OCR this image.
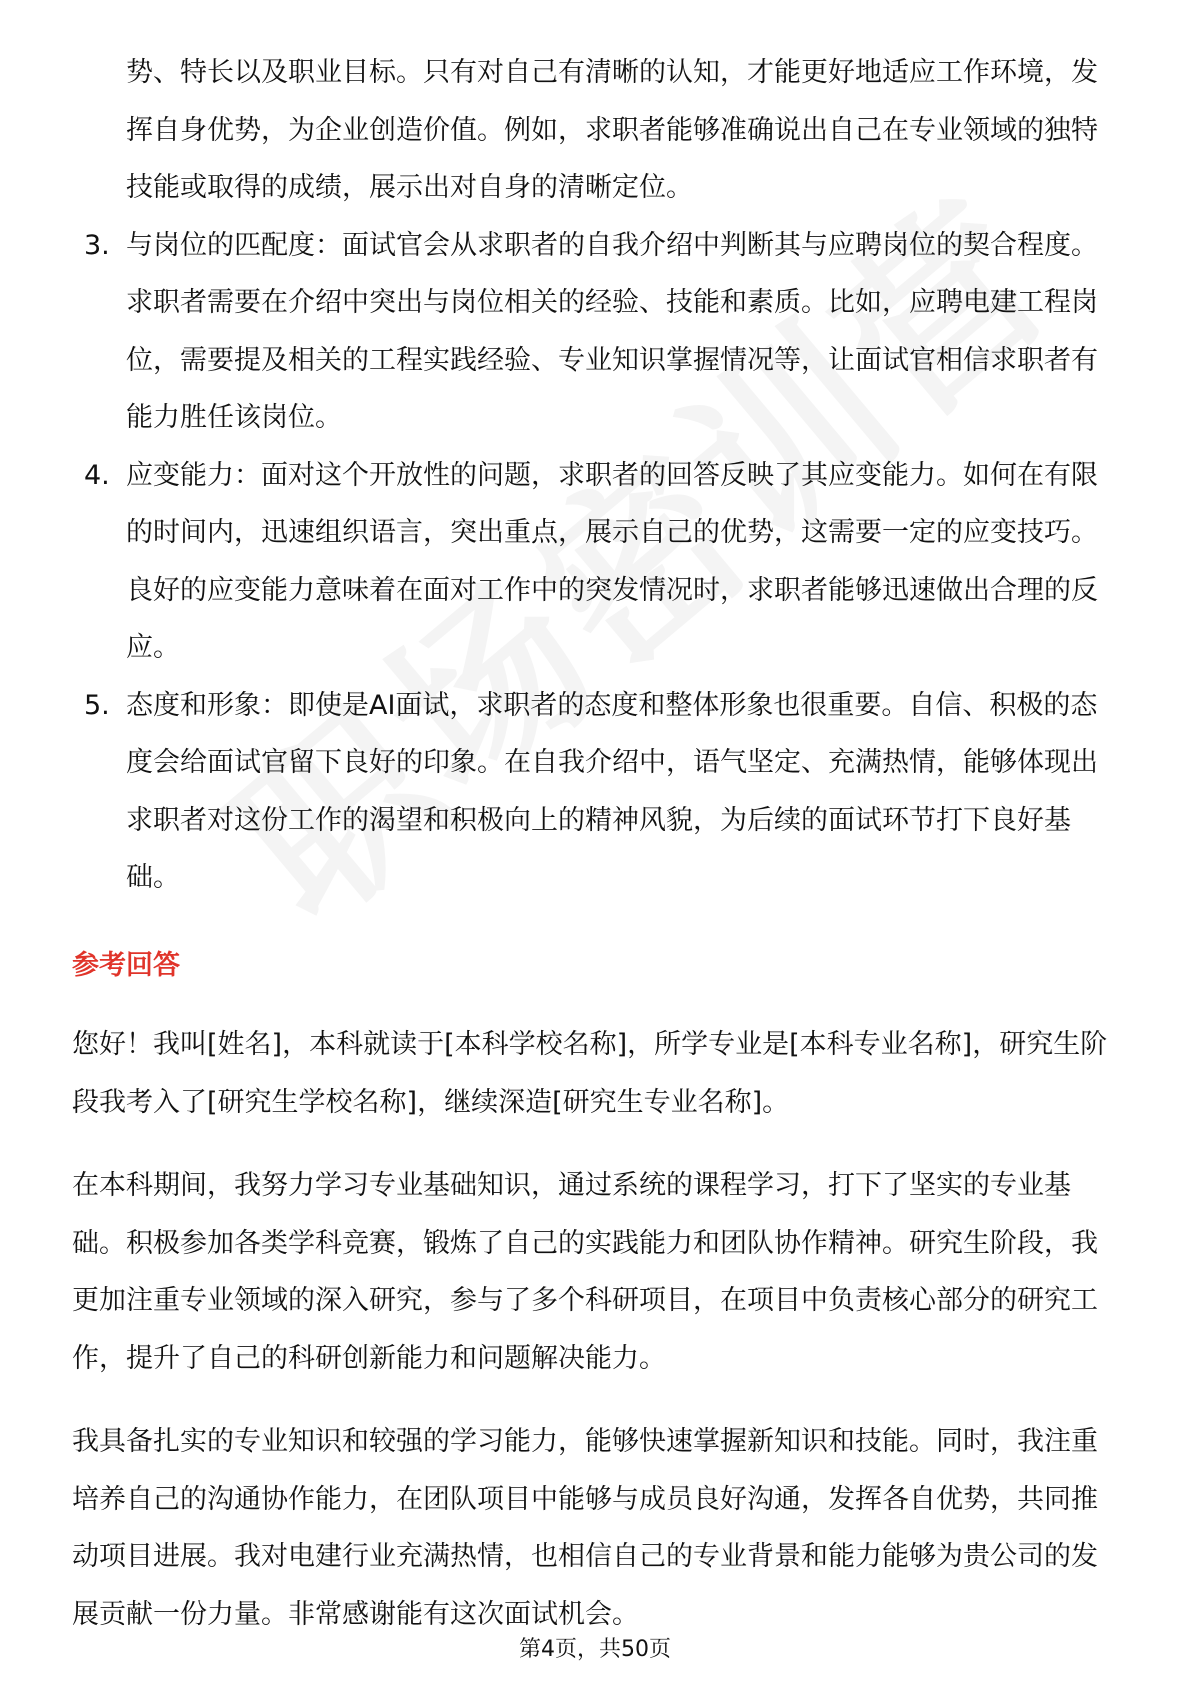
势、特长以及职业目标。只有对自己有清晰的认知，才能更好地适应工作环境，发挥自身优势，为企业创造价值。例如，求职者能够准确说出自己在专业领域的独特技能或取得的成绩，展示出对自身的清晰定位。

3. 与岗位的匹配度：面试官会从求职者的自我介绍中判断其与应聘岗位的契合程度。求职者需要在介绍中突出与岗位相关的经验、技能和素质。比如，应聘电建工程岗位，需要提及相关的工程实践经验、专业知识掌握情况等，让面试官相信求职者有能力胜任该岗位。
4. 应变能力：面对这个开放性的问题，求职者的回答反映了其应变能力。如何在有限的时间内，迅速组织语言，突出重点，展示自己的优势，这需要一定的应变技巧。良好的应变能力意味着在面对工作中的突发情况时，求职者能够迅速做出合理的反应。
5. 态度和形象：即使是AI面试，求职者的态度和整体形象也很重要。自信、积极的态度会给面试官留下良好的印象。在自我介绍中，语气坚定、充满热情，能够体现出求职者对这份工作的渴望和积极向上的精神风貌，为后续的面试环节打下良好基础。
参考回答

您好！我叫[姓名]，本科就读于[本科学校名称]，所学专业是[本科专业名称]，研究生阶段我考入了[研究生学校名称]，继续深造[研究生专业名称]。

在本科期间，我努力学习专业基础知识，通过系统的课程学习，打下了坚实的专业基础。积极参加各类学科竞赛，锻炼了自己的实践能力和团队协作精神。研究生阶段，我更加注重专业领域的深入研究，参与了多个科研项目，在项目中负责核心部分的研究工作，提升了自己的科研创新能力和问题解决能力。

我具备扎实的专业知识和较强的学习能力，能够快速掌握新知识和技能。同时，我注重培养自己的沟通协作能力，在团队项目中能够与成员良好沟通，发挥各自优势，共同推动项目进展。我对电建行业充满热情，也相信自己的专业背景和能力能够为贵公司的发展贡献一份力量。非常感谢能有这次面试机会。

第4页，共50页
